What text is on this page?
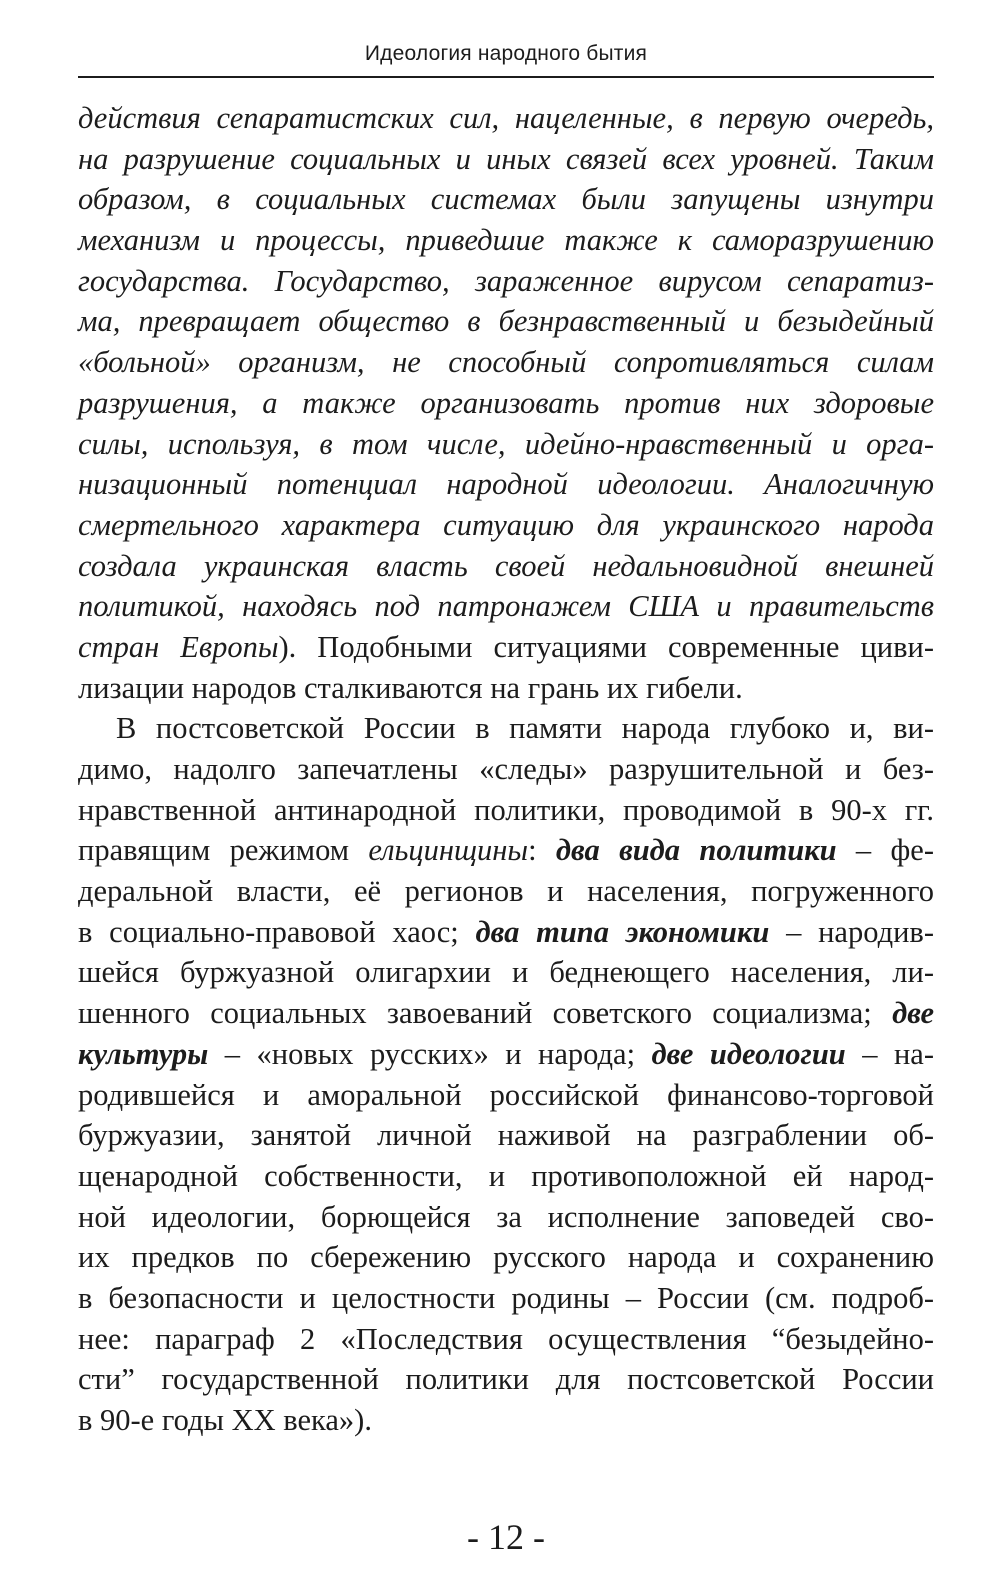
Идеология народного бытия
действия сепаратистских сил, нацеленные, в первую очередь,
на разрушение социальных и иных связей всех уровней. Таким
образом, в социальных системах были запущены изнутри
механизм и процессы, приведшие также к саморазрушению
государства. Государство, зараженное вирусом сепаратиз-
ма, превращает общество в безнравственный и безыдейный
«больной» организм, не способный сопротивляться силам
разрушения, а также организовать против них здоровые
силы, используя, в том числе, идейно-нравственный и орга-
низационный потенциал народной идеологии. Аналогичную
смертельного характера ситуацию для украинского народа
создала украинская власть своей недальновидной внешней
политикой, находясь под патронажем США и правительств
стран Европы). Подобными ситуациями современные циви-
лизации народов сталкиваются на грань их гибели.
В постсоветской России в памяти народа глубоко и, ви-
димо, надолго запечатлены «следы» разрушительной и без-
нравственной антинародной политики, проводимой в 90-х гг.
правящим режимом ельцинщины: два вида политики – фе-
деральной власти, её регионов и населения, погруженного
в социально-правовой хаос; два типа экономики – народив-
шейся буржуазной олигархии и беднеющего населения, ли-
шенного социальных завоеваний советского социализма; две
культуры – «новых русских» и народа; две идеологии – на-
родившейся и аморальной российской финансово-торговой
буржуазии, занятой личной наживой на разграблении об-
щенародной собственности, и противоположной ей народ-
ной идеологии, борющейся за исполнение заповедей сво-
их предков по сбережению русского народа и сохранению
в безопасности и целостности родины – России (см. подроб-
нее: параграф 2 «Последствия осуществления “безыдейно-
сти” государственной политики для постсоветской России
в 90-е годы XX века»).
- 12 -
